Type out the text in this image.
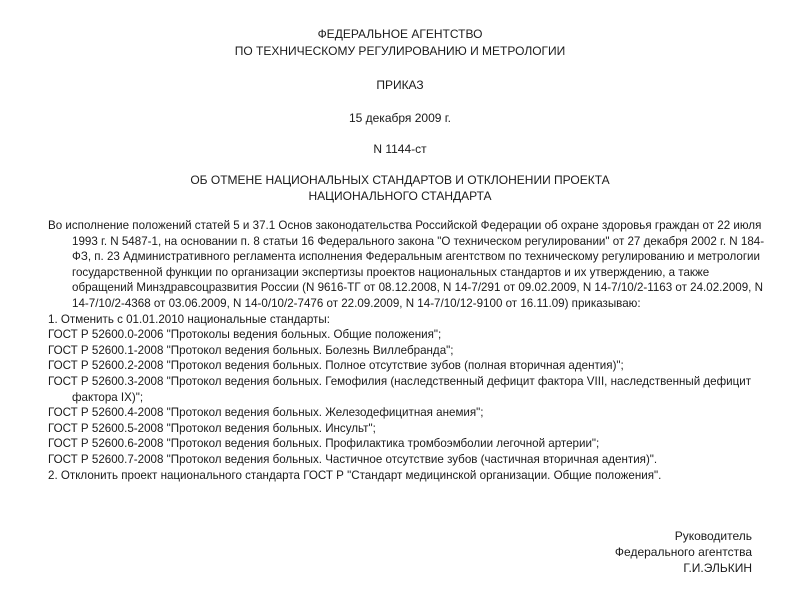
ФЕДЕРАЛЬНОЕ АГЕНТСТВО
ПО ТЕХНИЧЕСКОМУ РЕГУЛИРОВАНИЮ И МЕТРОЛОГИИ
ПРИКАЗ
15 декабря 2009 г.
N 1144-ст
ОБ ОТМЕНЕ НАЦИОНАЛЬНЫХ СТАНДАРТОВ И ОТКЛОНЕНИИ ПРОЕКТА
НАЦИОНАЛЬНОГО СТАНДАРТА

Во исполнение положений статей 5 и 37.1 Основ законодательства Российской Федерации об охране здоровья граждан от 22 июля 1993 г. N 5487-1, на основании п. 8 статьи 16 Федерального закона "О техническом регулировании" от 27 декабря 2002 г. N 184-ФЗ, п. 23 Административного регламента исполнения Федеральным агентством по техническому регулированию и метрологии государственной функции по организации экспертизы проектов национальных стандартов и их утверждению, а также обращений Минздравсоцразвития России (N 9616-ТГ от 08.12.2008, N 14-7/291 от 09.02.2009, N 14-7/10/2-1163 от 24.02.2009, N 14-7/10/2-4368 от 03.06.2009, N 14-0/10/2-7476 от 22.09.2009, N 14-7/10/12-9100 от 16.11.09) приказываю:

1. Отменить с 01.01.2010 национальные стандарты:

ГОСТ Р 52600.0-2006 "Протоколы ведения больных. Общие положения";

ГОСТ Р 52600.1-2008 "Протокол ведения больных. Болезнь Виллебранда";

ГОСТ Р 52600.2-2008 "Протокол ведения больных. Полное отсутствие зубов (полная вторичная адентия)";

ГОСТ Р 52600.3-2008 "Протокол ведения больных. Гемофилия (наследственный дефицит фактора VIII, наследственный дефицит фактора IX)";

ГОСТ Р 52600.4-2008 "Протокол ведения больных. Железодефицитная анемия";

ГОСТ Р 52600.5-2008 "Протокол ведения больных. Инсульт";

ГОСТ Р 52600.6-2008 "Протокол ведения больных. Профилактика тромбоэмболии легочной артерии";

ГОСТ Р 52600.7-2008 "Протокол ведения больных. Частичное отсутствие зубов (частичная вторичная адентия)".

2. Отклонить проект национального стандарта ГОСТ Р "Стандарт медицинской организации. Общие положения".

Руководитель
Федерального агентства
Г.И.ЭЛЬКИН
